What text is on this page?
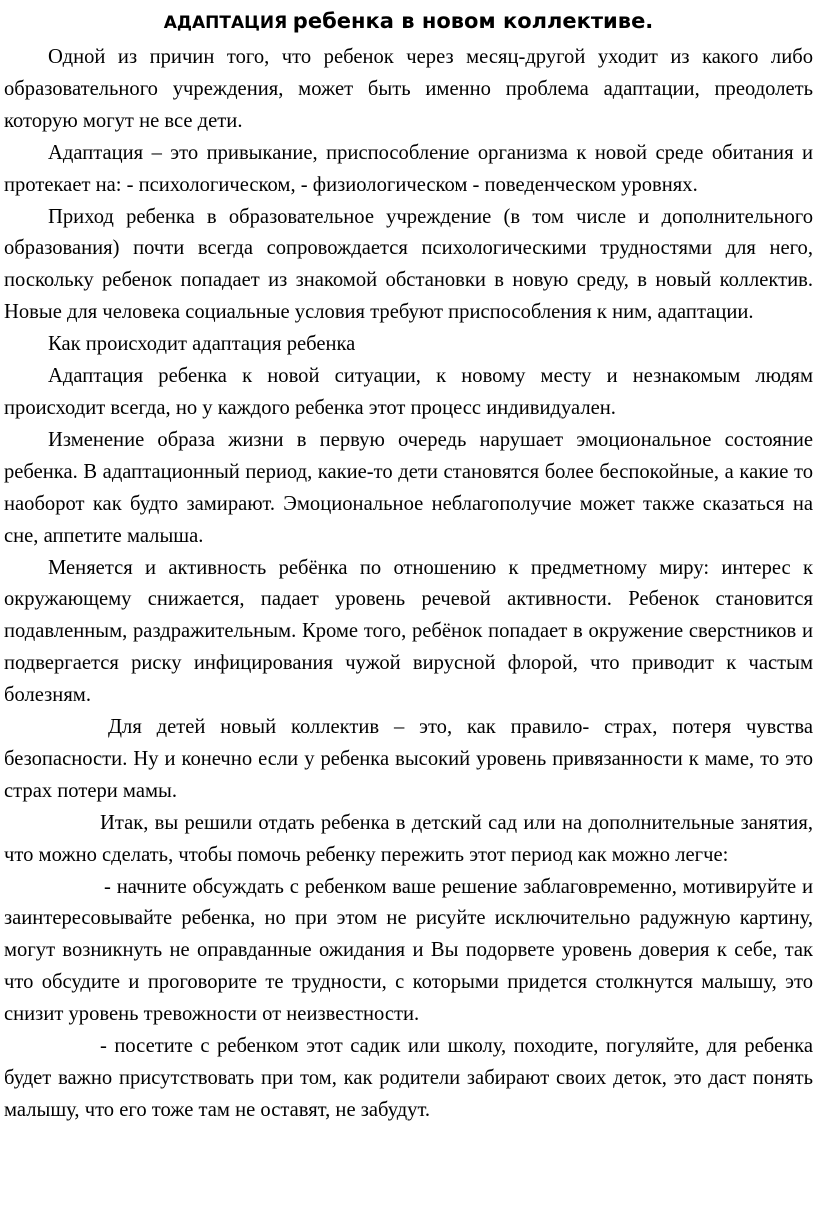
АДАПТАЦИЯ ребенка в новом коллективе.

Одной из причин того, что ребенок через месяц-другой уходит из какого либо образовательного учреждения, может быть именно проблема адаптации, преодолеть которую могут не все дети.

Адаптация – это привыкание, приспособление организма к новой среде обитания и протекает на: - психологическом, - физиологическом - поведенческом уровнях.

Приход ребенка в образовательное учреждение (в том числе и дополнительного образования) почти всегда сопровождается психологическими трудностями для него, поскольку ребенок попадает из знакомой обстановки в новую среду, в новый коллектив. Новые для человека социальные условия требуют приспособления к ним, адаптации.

Как происходит адаптация ребенка

Адаптация ребенка к новой ситуации, к новому месту и незнакомым людям происходит всегда, но у каждого ребенка этот процесс индивидуален.

Изменение образа жизни в первую очередь нарушает эмоциональное состояние ребенка. В адаптационный период, какие-то дети становятся более беспокойные, а какие то наоборот как будто замирают. Эмоциональное неблагополучие может также сказаться на сне, аппетите малыша.

Меняется и активность ребёнка по отношению к предметному миру: интерес к окружающему снижается, падает уровень речевой активности. Ребенок становится подавленным, раздражительным. Кроме того, ребёнок попадает в окружение сверстников и подвергается риску инфицирования чужой вирусной флорой, что приводит к частым болезням.

Для детей новый коллектив – это, как правило- страх, потеря чувства безопасности. Ну и конечно если у ребенка высокий уровень привязанности к маме, то это страх потери мамы.

Итак, вы решили отдать ребенка в детский сад или на дополнительные занятия, что можно сделать, чтобы помочь ребенку пережить этот период как можно легче:

- начните обсуждать с ребенком ваше решение заблаговременно, мотивируйте и заинтересовывайте ребенка, но при этом не рисуйте исключительно радужную картину, могут возникнуть не оправданные ожидания и Вы подорвете уровень доверия к себе, так что обсудите и проговорите те трудности, с которыми придется столкнутся малышу, это снизит уровень тревожности от неизвестности.

- посетите с ребенком этот садик или школу, походите, погуляйте, для ребенка будет важно присутствовать при том, как родители забирают своих деток, это даст понять малышу, что его тоже там не оставят, не забудут.
